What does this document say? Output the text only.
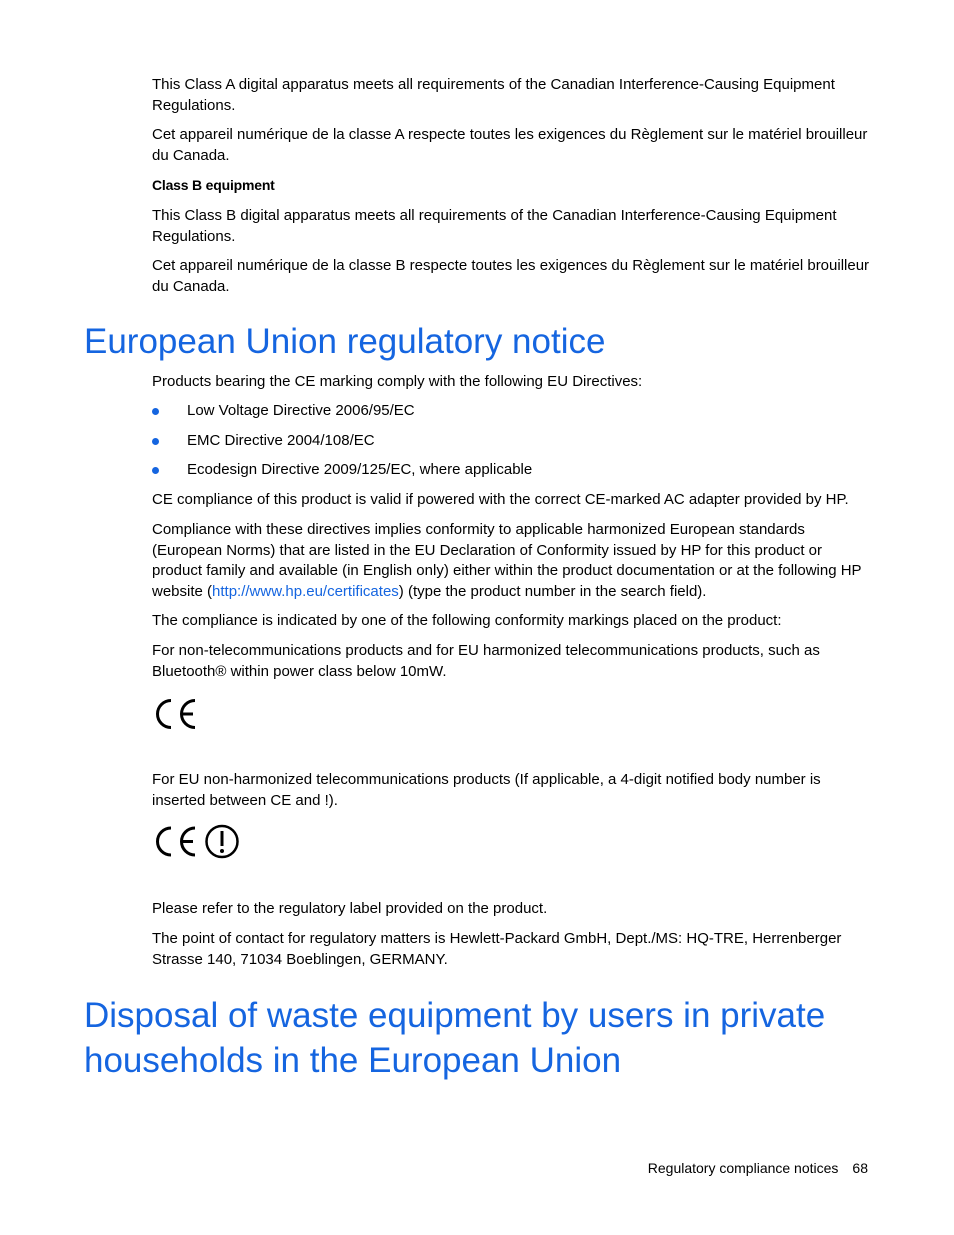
This Class A digital apparatus meets all requirements of the Canadian Interference-Causing Equipment Regulations.

Cet appareil numérique de la classe A respecte toutes les exigences du Règlement sur le matériel brouilleur du Canada.

Class B equipment

This Class B digital apparatus meets all requirements of the Canadian Interference-Causing Equipment Regulations.

Cet appareil numérique de la classe B respecte toutes les exigences du Règlement sur le matériel brouilleur du Canada.

European Union regulatory notice

Products bearing the CE marking comply with the following EU Directives:

Low Voltage Directive 2006/95/EC
EMC Directive 2004/108/EC
Ecodesign Directive 2009/125/EC, where applicable

CE compliance of this product is valid if powered with the correct CE-marked AC adapter provided by HP.

Compliance with these directives implies conformity to applicable harmonized European standards (European Norms) that are listed in the EU Declaration of Conformity issued by HP for this product or product family and available (in English only) either within the product documentation or at the following HP website (http://www.hp.eu/certificates) (type the product number in the search field).

The compliance is indicated by one of the following conformity markings placed on the product:

For non-telecommunications products and for EU harmonized telecommunications products, such as Bluetooth® within power class below 10mW.

For EU non-harmonized telecommunications products (If applicable, a 4-digit notified body number is inserted between CE and !).

Please refer to the regulatory label provided on the product.

The point of contact for regulatory matters is Hewlett-Packard GmbH, Dept./MS: HQ-TRE, Herrenberger Strasse 140, 71034 Boeblingen, GERMANY.

Disposal of waste equipment by users in private households in the European Union
Regulatory compliance notices 68
